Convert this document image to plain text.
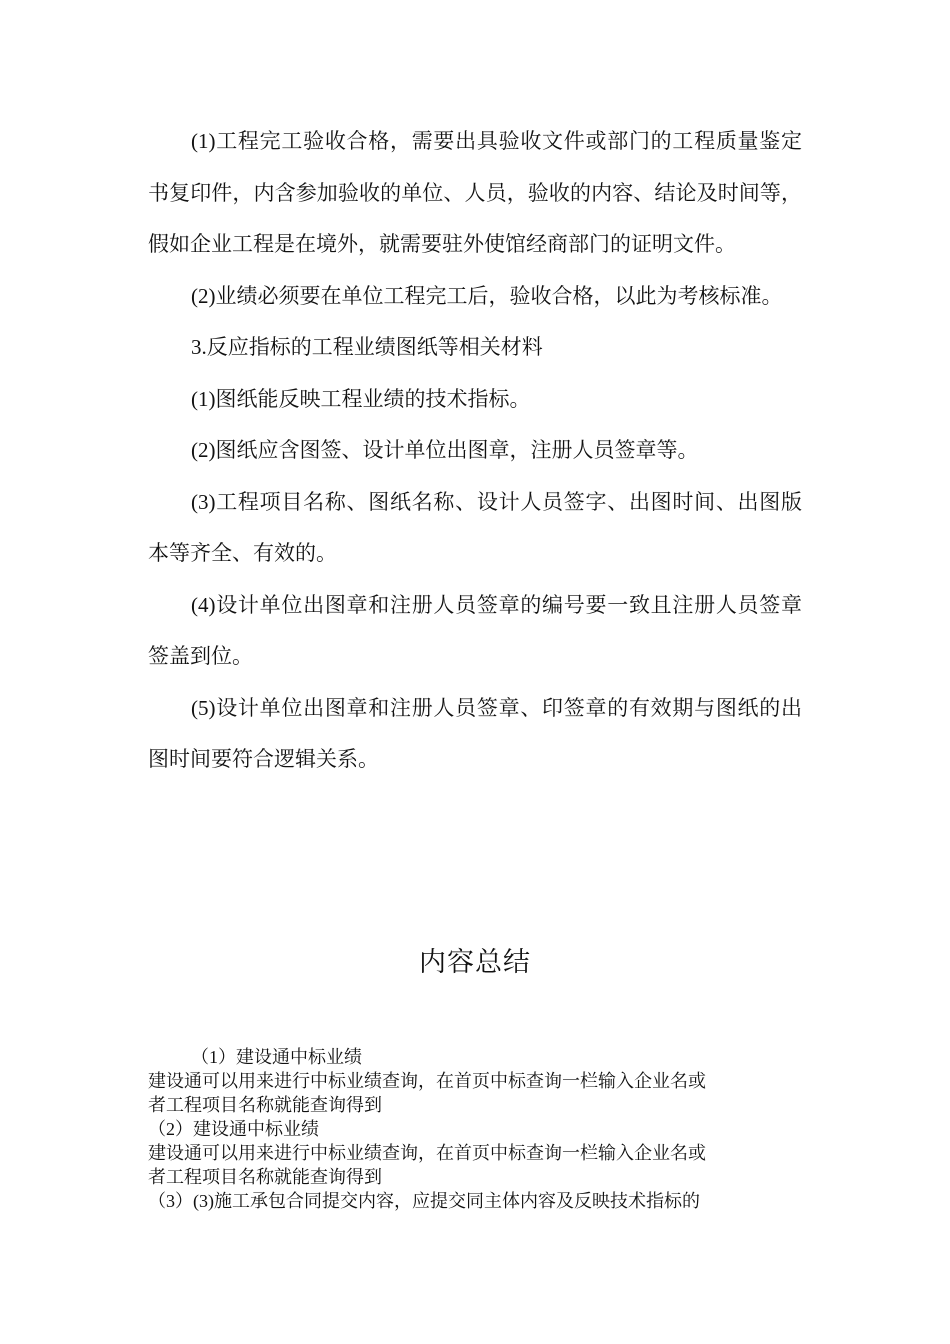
(1)工程完工验收合格，需要出具验收文件或部门的工程质量鉴定书复印件，内含参加验收的单位、人员，验收的内容、结论及时间等，假如企业工程是在境外，就需要驻外使馆经商部门的证明文件。

(2)业绩必须要在单位工程完工后，验收合格，以此为考核标准。

3.反应指标的工程业绩图纸等相关材料

(1)图纸能反映工程业绩的技术指标。

(2)图纸应含图签、设计单位出图章，注册人员签章等。

(3)工程项目名称、图纸名称、设计人员签字、出图时间、出图版本等齐全、有效的。

(4)设计单位出图章和注册人员签章的编号要一致且注册人员签章签盖到位。

(5)设计单位出图章和注册人员签章、印签章的有效期与图纸的出图时间要符合逻辑关系。

内容总结
（1）建设通中标业绩
建设通可以用来进行中标业绩查询，在首页中标查询一栏输入企业名或
者工程项目名称就能查询得到
（2）建设通中标业绩
建设通可以用来进行中标业绩查询，在首页中标查询一栏输入企业名或
者工程项目名称就能查询得到
（3）(3)施工承包合同提交内容，应提交同主体内容及反映技术指标的
